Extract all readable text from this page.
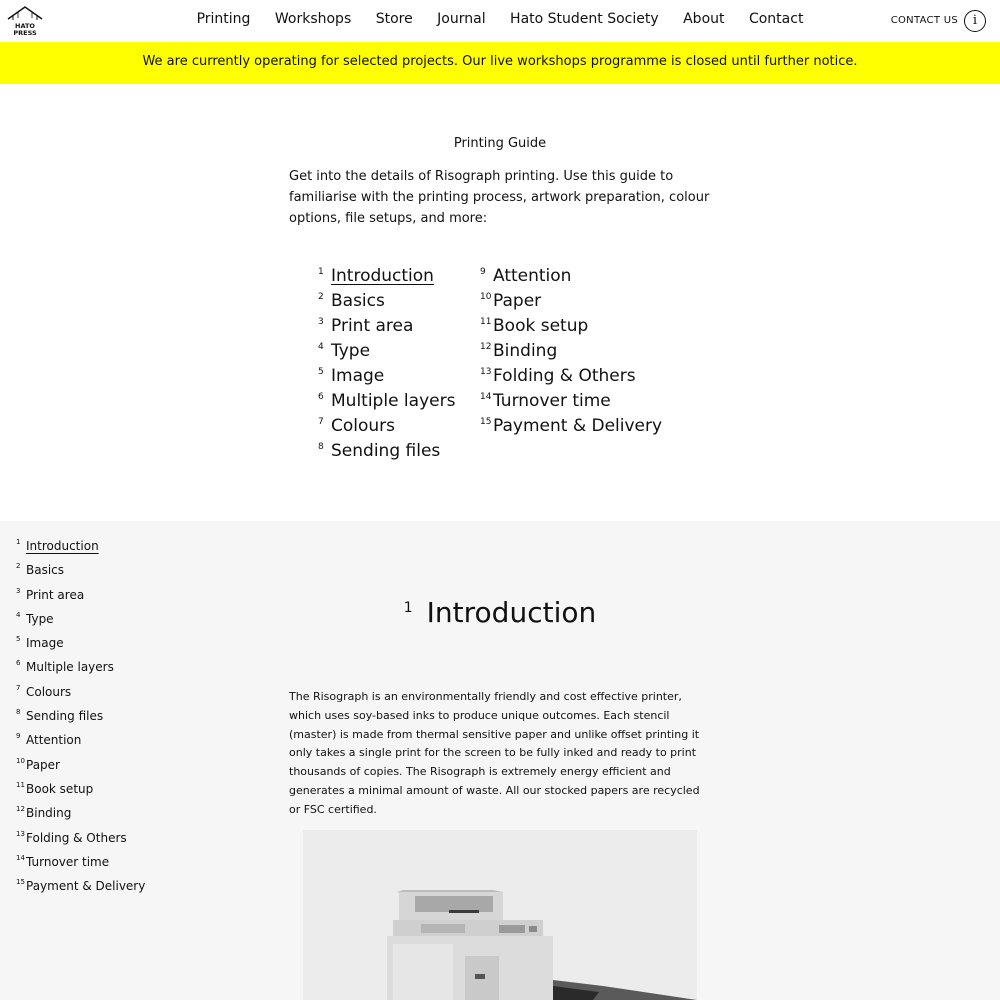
HATO
PRESS
Printing Workshops Store Journal Hato Student Society About Contact	CONTACT US	i
We are currently operating for selected projects. Our live workshops programme is closed until further notice.
Printing Guide
Get into the details of Risograph printing. Use this guide to familiarise with the printing process, artwork preparation, colour options, file setups, and more:
1 Introduction
2 Basics
3 Print area
4 Type
5 Image
6 Multiple layers
7 Colours
8 Sending files
9 Attention
10Paper
11Book setup
12Binding
13Folding & Others
14Turnover time
15Payment & Delivery
1 Introduction
2 Basics
3 Print area
4 Type
5 Image
6 Multiple layers
7 Colours
8 Sending files
9 Attention
10Paper
11Book setup
12Binding
13Folding & Others
14Turnover time
15Payment & Delivery
$^1$ Introduction
The Risograph is an environmentally friendly and cost effective printer, which uses soy-based inks to produce unique outcomes. Each stencil (master) is made from thermal sensitive paper and unlike offset printing it only takes a single print for the screen to be fully inked and ready to print thousands of copies. The Risograph is extremely energy efficient and generates a minimal amount of waste. All our stocked papers are recycled or FSC certified.
